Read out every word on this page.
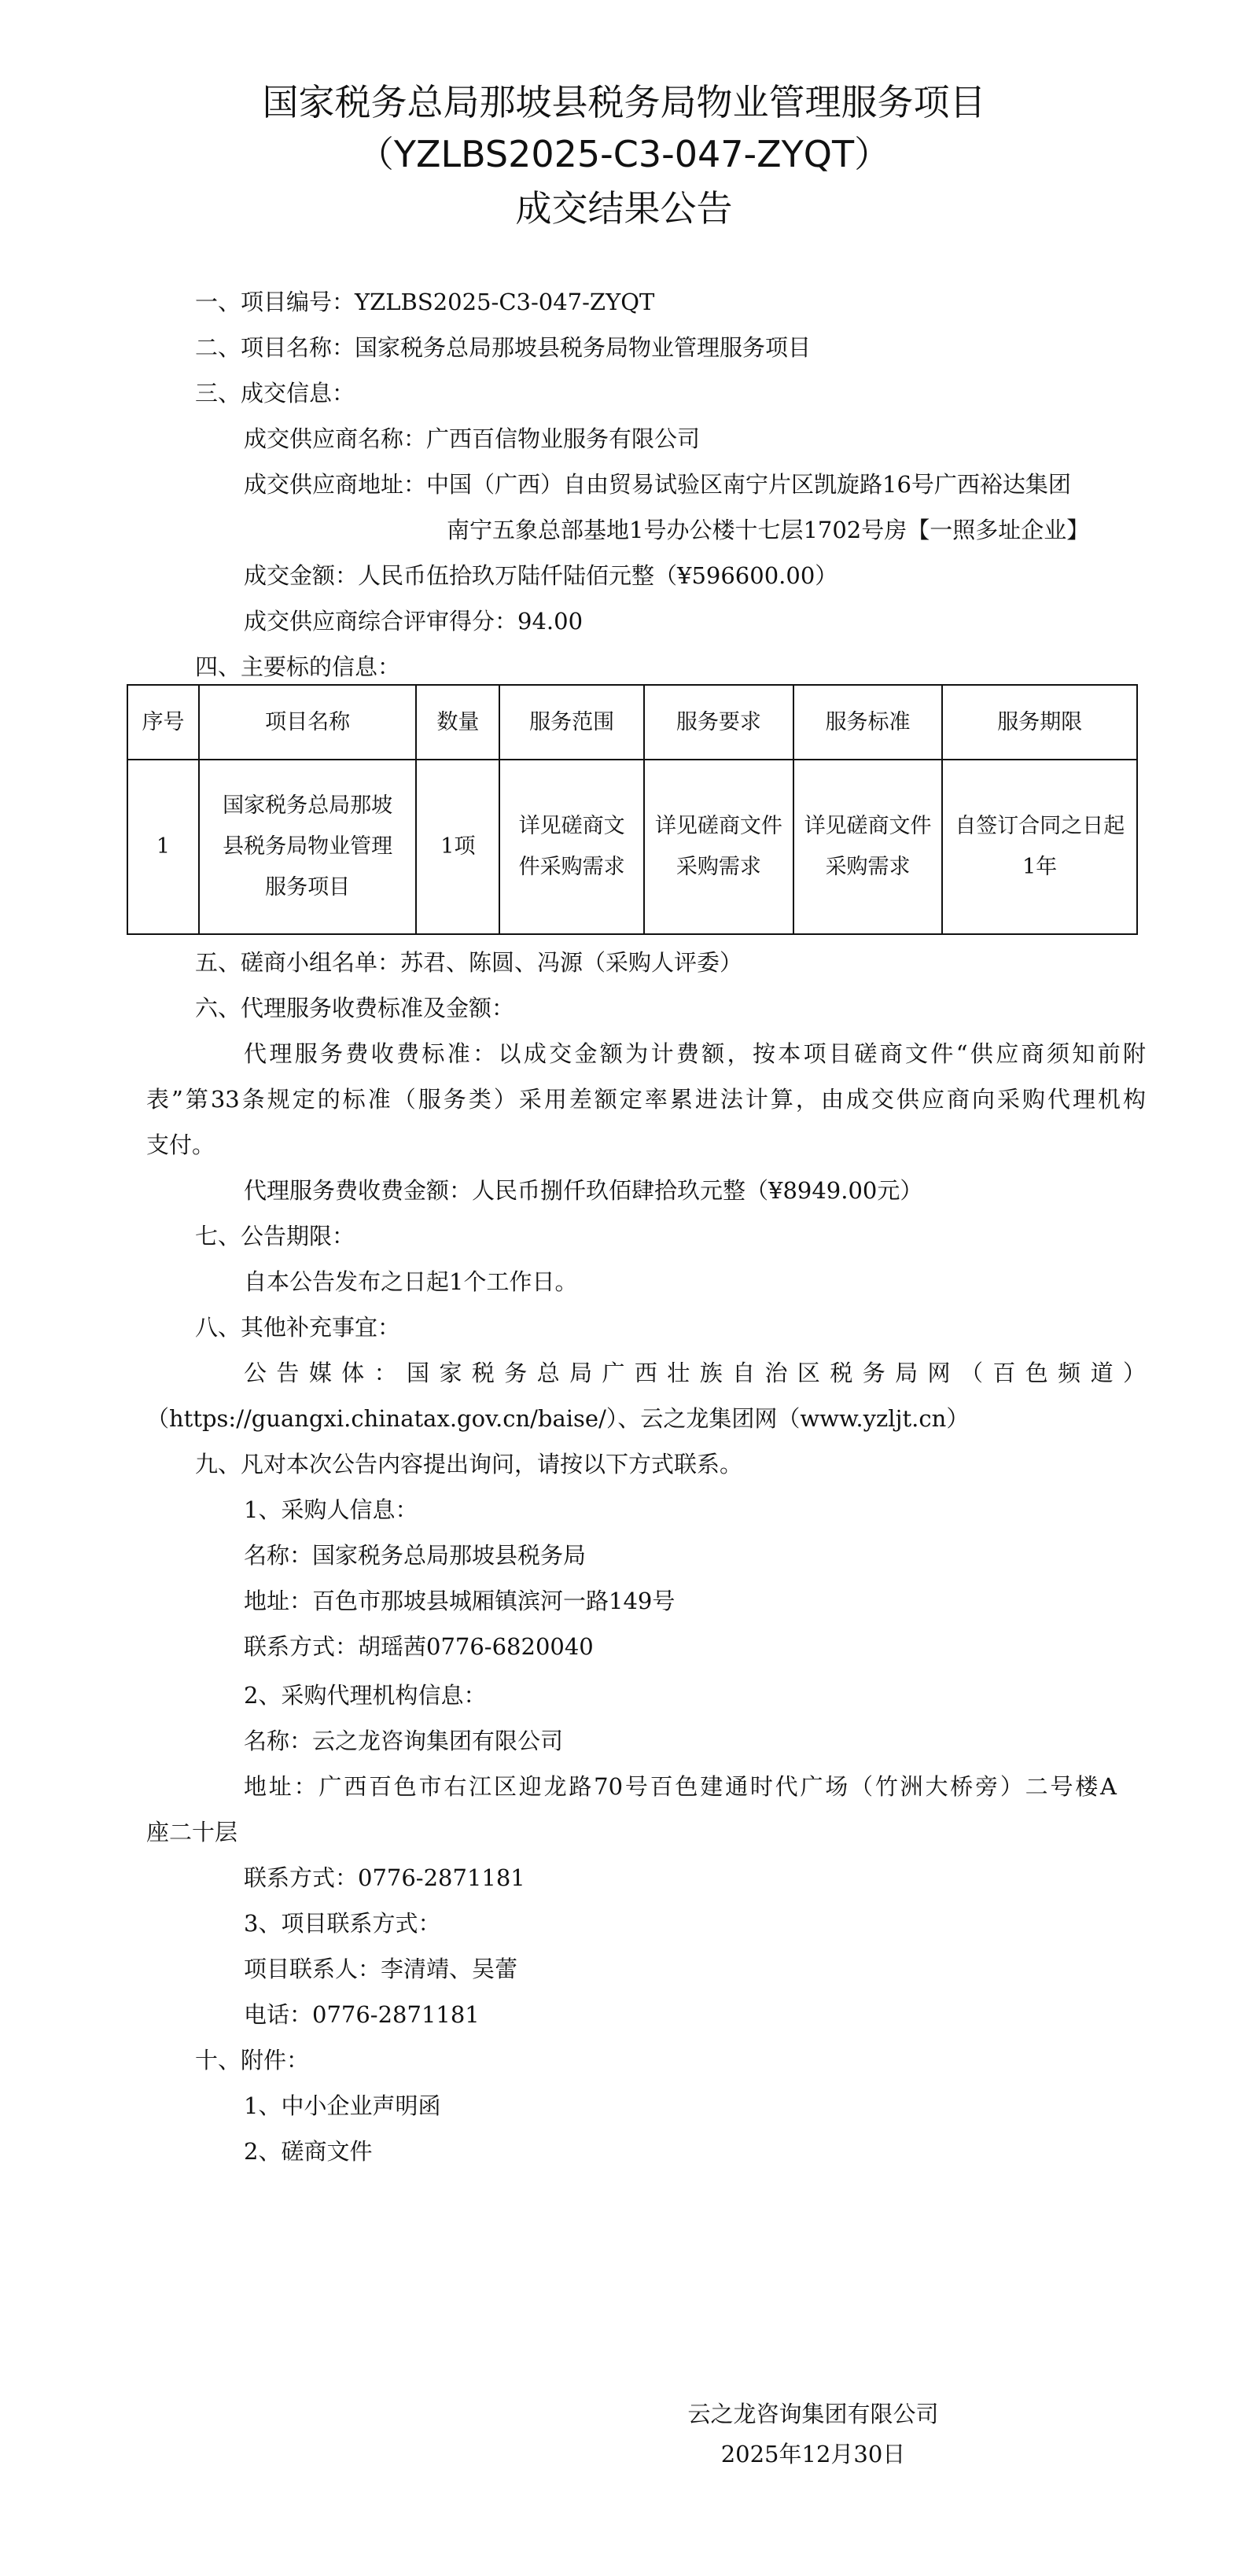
国家税务总局那坡县税务局物业管理服务项目
（YZLBS2025-C3-047-ZYQT）
成交结果公告
一、项目编号：YZLBS2025-C3-047-ZYQT
二、项目名称：国家税务总局那坡县税务局物业管理服务项目
三、成交信息：
成交供应商名称：广西百信物业服务有限公司
成交供应商地址：中国（广西）自由贸易试验区南宁片区凯旋路16号广西裕达集团
南宁五象总部基地1号办公楼十七层1702号房【一照多址企业】
成交金额：人民币伍拾玖万陆仟陆佰元整（¥596600.00）
成交供应商综合评审得分：94.00
四、主要标的信息：
序号	项目名称	数量	服务范围	服务要求	服务标准	服务期限
1	国家税务总局那坡县税务局物业管理服务项目	1项	详见磋商文件采购需求	详见磋商文件采购需求	详见磋商文件采购需求	自签订合同之日起1年
五、磋商小组名单：苏君、陈圆、冯源（采购人评委）
六、代理服务收费标准及金额：
代理服务费收费标准：以成交金额为计费额，按本项目磋商文件“供应商须知前附
表”第33条规定的标准（服务类）采用差额定率累进法计算，由成交供应商向采购代理机构
支付。
代理服务费收费金额：人民币捌仟玖佰肆拾玖元整（¥8949.00元）
七、公告期限：
自本公告发布之日起1个工作日。
八、其他补充事宜：
公告媒体：国家税务总局广西壮族自治区税务局网（百色频道）
（https://guangxi.chinatax.gov.cn/baise/）、云之龙集团网（www.yzljt.cn）
九、凡对本次公告内容提出询问，请按以下方式联系。
1、采购人信息：
名称：国家税务总局那坡县税务局
地址：百色市那坡县城厢镇滨河一路149号
联系方式：胡瑶茜0776-6820040
2、采购代理机构信息：
名称：云之龙咨询集团有限公司
地址：广西百色市右江区迎龙路70号百色建通时代广场（竹洲大桥旁）二号楼A
座二十层
联系方式：0776-2871181
3、项目联系方式：
项目联系人：李清靖、吴蕾
电话：0776-2871181
十、附件：
1、中小企业声明函
2、磋商文件
云之龙咨询集团有限公司
2025年12月30日
